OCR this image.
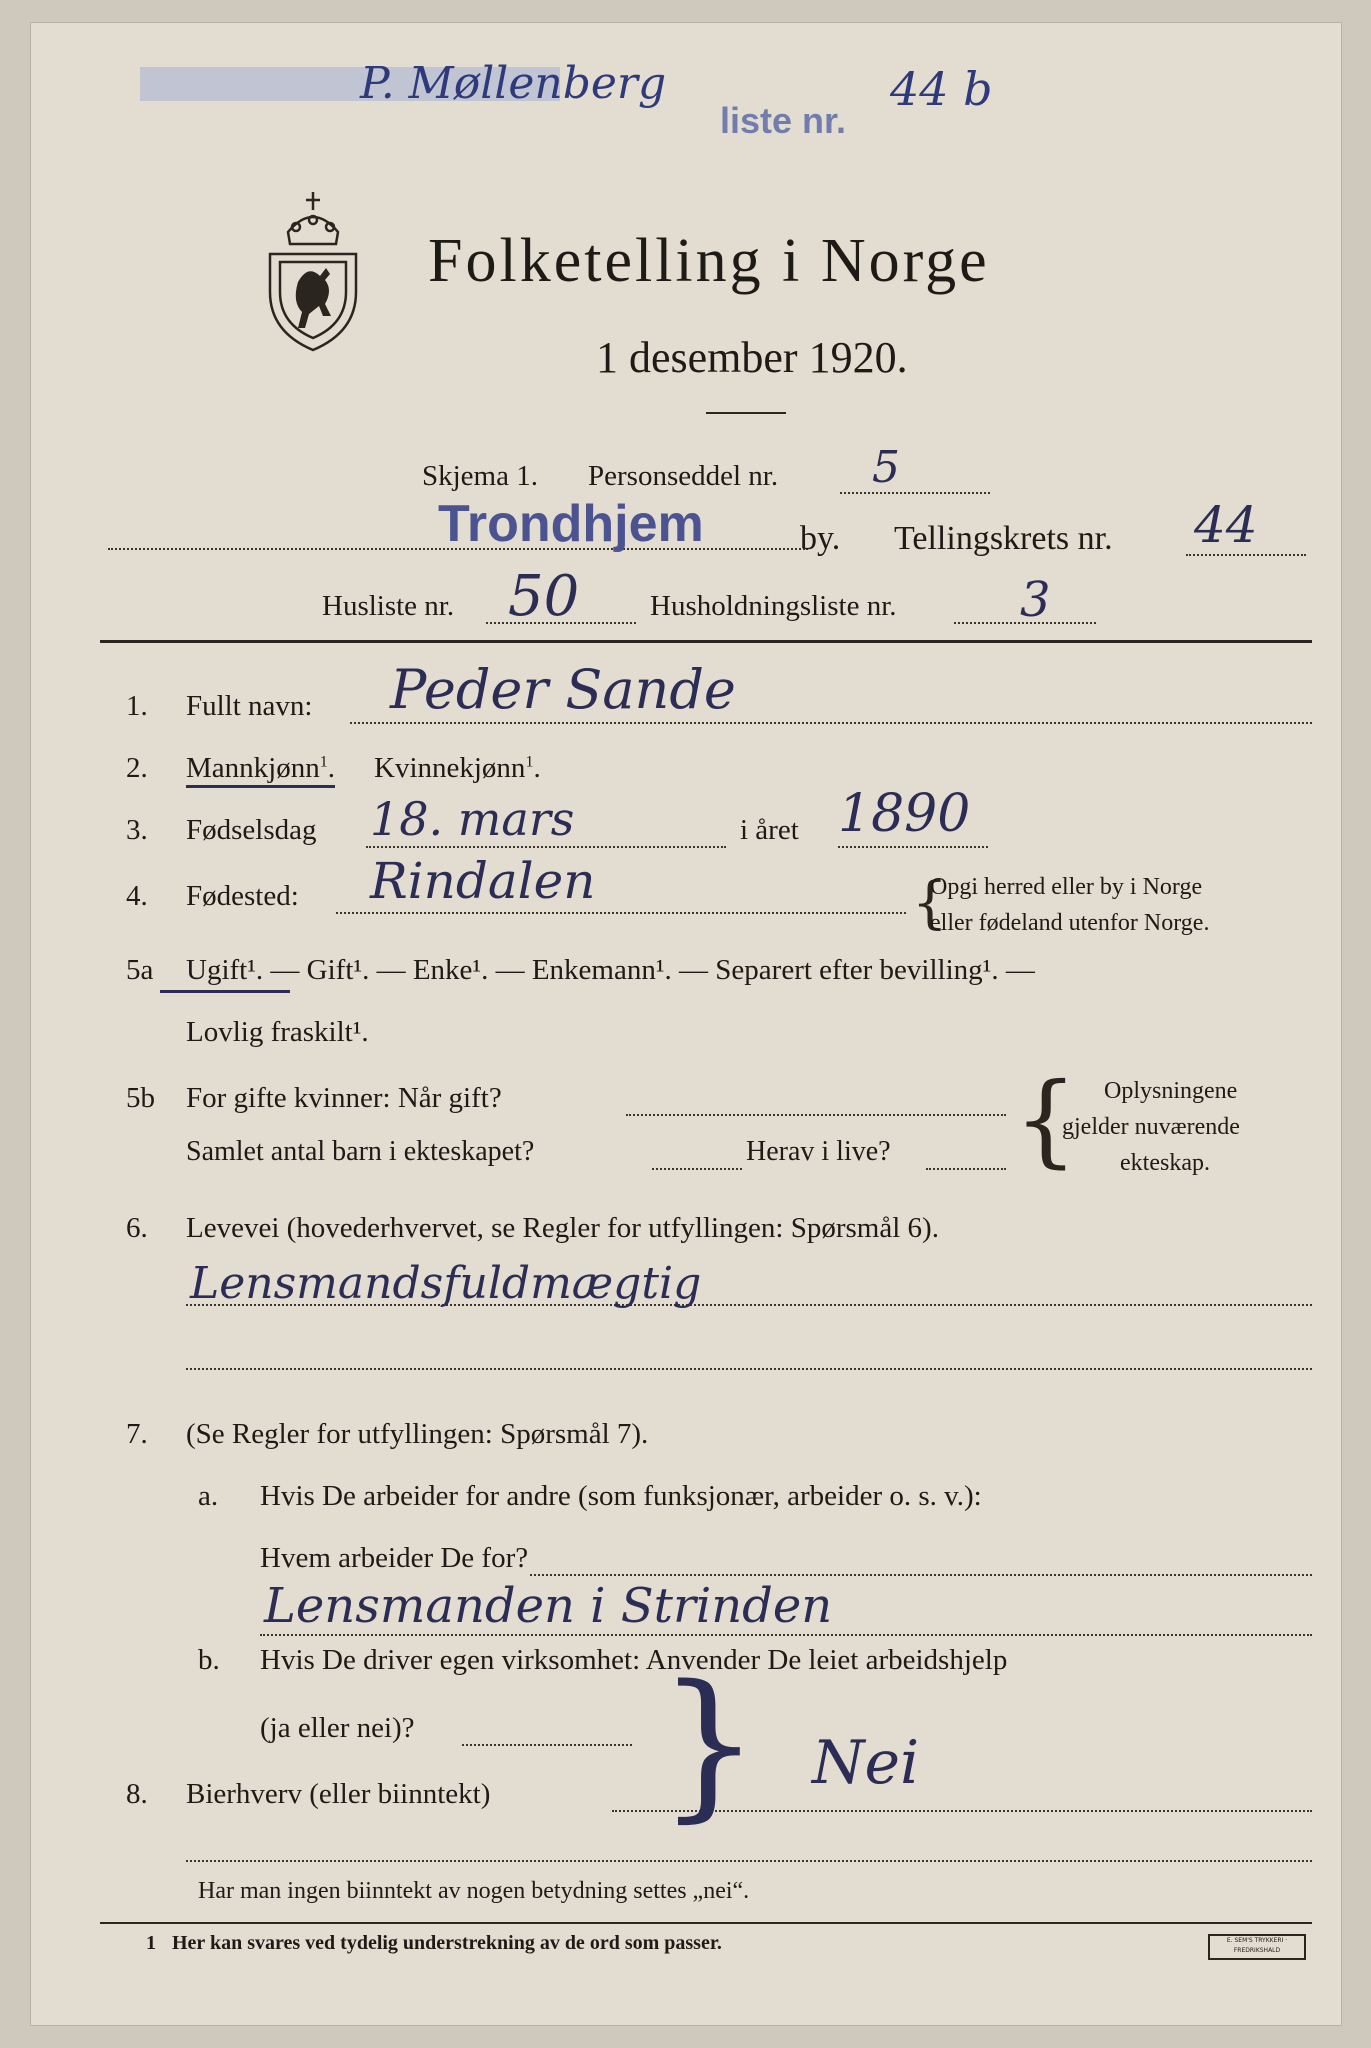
P. Møllenberg
liste nr.
44 b
Folketelling i Norge
1 desember 1920.
Skjema 1. Personseddel nr. 5
Trondhjem	by. Tellingskrets nr. 44
Husliste nr. 50 Husholdningsliste nr.	3
1. Fullt navn: Peder Sande
2. Mannkjønn$^1$. Kvinnekjønn$^1$.
3. Fødselsdag 18. mars	i året 1890
4. Fødested: Rindalen	{
Opgi herred eller by i Norge
eller fødeland utenfor Norge.
5a Ugift¹. — Gift¹. — Enke¹. — Enkemann¹. — Separert efter bevilling¹. —
Lovlig fraskilt¹.
5b For gifte kvinner: Når gift?
Samlet antal barn i ekteskapet?	Herav i live? { Oplysningene
gjelder nuværende
ekteskap.
6. Levevei (hovederhvervet, se Regler for utfyllingen: Spørsmål 6).
Lensmandsfuldmægtig
7. (Se Regler for utfyllingen: Spørsmål 7).
a. Hvis De arbeider for andre (som funksjonær, arbeider o. s. v.):
Hvem arbeider De for?
Lensmanden i Strinden
b. Hvis De driver egen virksomhet: Anvender De leiet arbeidshjelp
(ja eller nei)?
8. Bierhverv (eller biinntekt) } Nei
Har man ingen biinntekt av nogen betydning settes „nei“.
1 Her kan svares ved tydelig understrekning av de ord som passer.	E. SEM'S TRYKKERI · FREDRIKSHALD
